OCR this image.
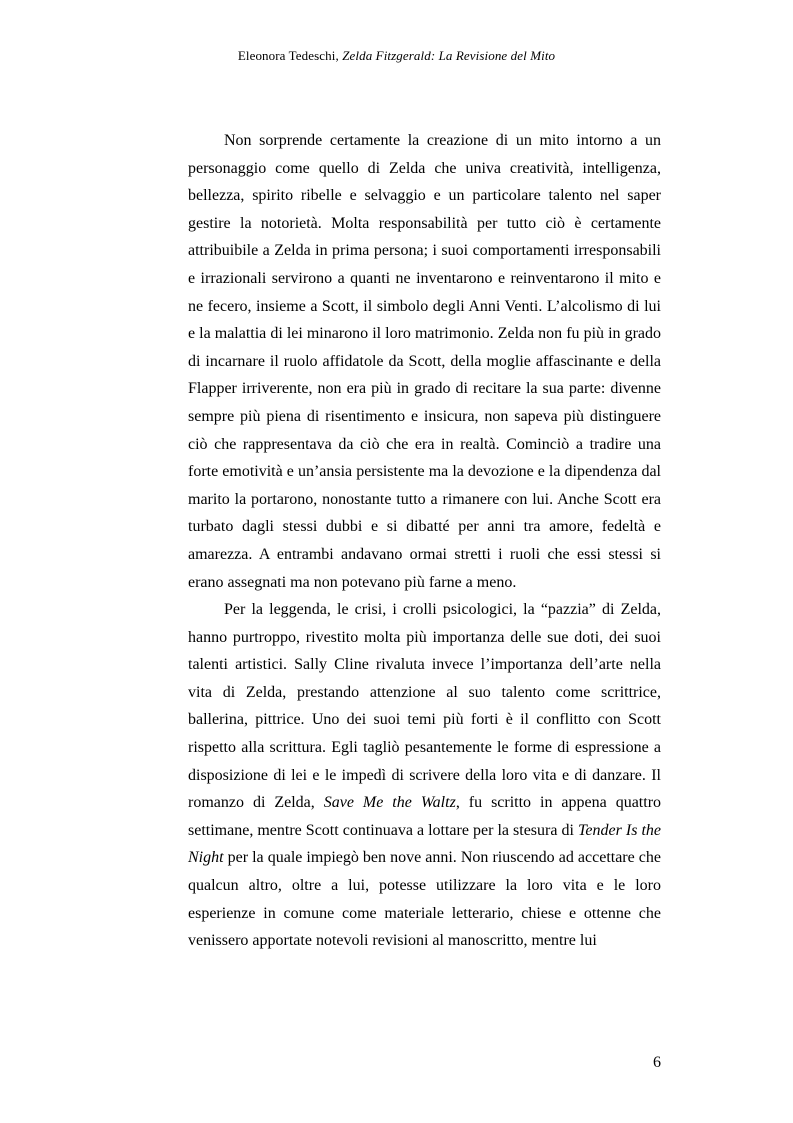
Eleonora Tedeschi, Zelda Fitzgerald: La Revisione del Mito

Non sorprende certamente la creazione di un mito intorno a un personaggio come quello di Zelda che univa creatività, intelligenza, bellezza, spirito ribelle e selvaggio e un particolare talento nel saper gestire la notorietà. Molta responsabilità per tutto ciò è certamente attribuibile a Zelda in prima persona; i suoi comportamenti irresponsabili e irrazionali servirono a quanti ne inventarono e reinventarono il mito e ne fecero, insieme a Scott, il simbolo degli Anni Venti. L’alcolismo di lui e la malattia di lei minarono il loro matrimonio. Zelda non fu più in grado di incarnare il ruolo affidatole da Scott, della moglie affascinante e della Flapper irriverente, non era più in grado di recitare la sua parte: divenne sempre più piena di risentimento e insicura, non sapeva più distinguere ciò che rappresentava da ciò che era in realtà. Cominciò a tradire una forte emotività e un’ansia persistente ma la devozione e la dipendenza dal marito la portarono, nonostante tutto a rimanere con lui. Anche Scott era turbato dagli stessi dubbi e si dibatté per anni tra amore, fedeltà e amarezza. A entrambi andavano ormai stretti i ruoli che essi stessi si erano assegnati ma non potevano più farne a meno.

Per la leggenda, le crisi, i crolli psicologici, la “pazzia” di Zelda, hanno purtroppo, rivestito molta più importanza delle sue doti, dei suoi talenti artistici. Sally Cline rivaluta invece l’importanza dell’arte nella vita di Zelda, prestando attenzione al suo talento come scrittrice, ballerina, pittrice. Uno dei suoi temi più forti è il conflitto con Scott rispetto alla scrittura. Egli tagliò pesantemente le forme di espressione a disposizione di lei e le impedì di scrivere della loro vita e di danzare. Il romanzo di Zelda, Save Me the Waltz, fu scritto in appena quattro settimane, mentre Scott continuava a lottare per la stesura di Tender Is the Night per la quale impiegò ben nove anni. Non riuscendo ad accettare che qualcun altro, oltre a lui, potesse utilizzare la loro vita e le loro esperienze in comune come materiale letterario, chiese e ottenne che venissero apportate notevoli revisioni al manoscritto, mentre lui

6
